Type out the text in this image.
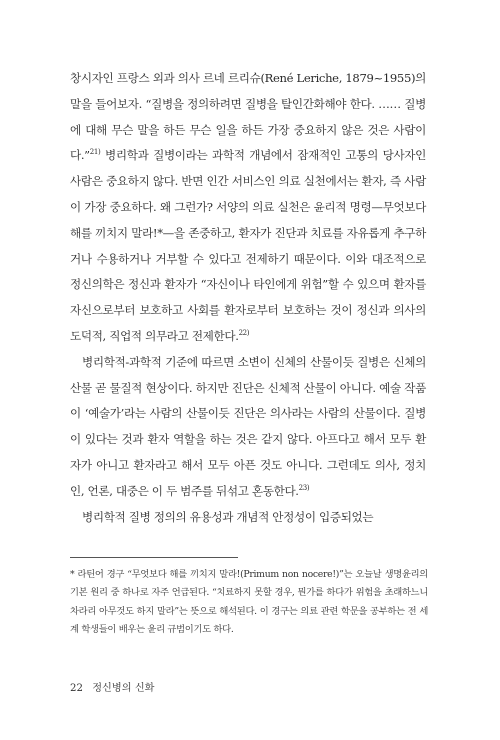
창시자인 프랑스 외과 의사 르네 르리슈(René Leriche, 1879~1955)의 말을 들어보자. “질병을 정의하려면 질병을 탈인간화해야 한다. …… 질병에 대해 무슨 말을 하든 무슨 일을 하든 가장 중요하지 않은 것은 사람이다.”$^{21)}$ 병리학과 질병이라는 과학적 개념에서 잠재적인 고통의 당사자인 사람은 중요하지 않다. 반면 인간 서비스인 의료 실천에서는 환자, 즉 사람이 가장 중요하다. 왜 그런가? 서양의 의료 실천은 윤리적 명령—무엇보다 해를 끼치지 말라!*—을 존중하고, 환자가 진단과 치료를 자유롭게 추구하거나 수용하거나 거부할 수 있다고 전제하기 때문이다. 이와 대조적으로 정신의학은 정신과 환자가 “자신이나 타인에게 위험”할 수 있으며 환자를 자신으로부터 보호하고 사회를 환자로부터 보호하는 것이 정신과 의사의 도덕적, 직업적 의무라고 전제한다.$^{22)}$

병리학적-과학적 기준에 따르면 소변이 신체의 산물이듯 질병은 신체의 산물 곧 물질적 현상이다. 하지만 진단은 신체적 산물이 아니다. 예술 작품이 ‘예술가’라는 사람의 산물이듯 진단은 의사라는 사람의 산물이다. 질병이 있다는 것과 환자 역할을 하는 것은 같지 않다. 아프다고 해서 모두 환자가 아니고 환자라고 해서 모두 아픈 것도 아니다. 그런데도 의사, 정치인, 언론, 대중은 이 두 범주를 뒤섞고 혼동한다.$^{23)}$

병리학적 질병 정의의 유용성과 개념적 안정성이 입증되었는

* 라틴어 경구 “무엇보다 해를 끼치지 말라!(Primum non nocere!)”는 오늘날 생명윤리의 기본 원리 중 하나로 자주 언급된다. “치료하지 못할 경우, 뭔가를 하다가 위험을 초래하느니 차라리 아무것도 하지 말라”는 뜻으로 해석된다. 이 경구는 의료 관련 학문을 공부하는 전 세계 학생들이 배우는 윤리 규범이기도 하다.
22 정신병의 신화
